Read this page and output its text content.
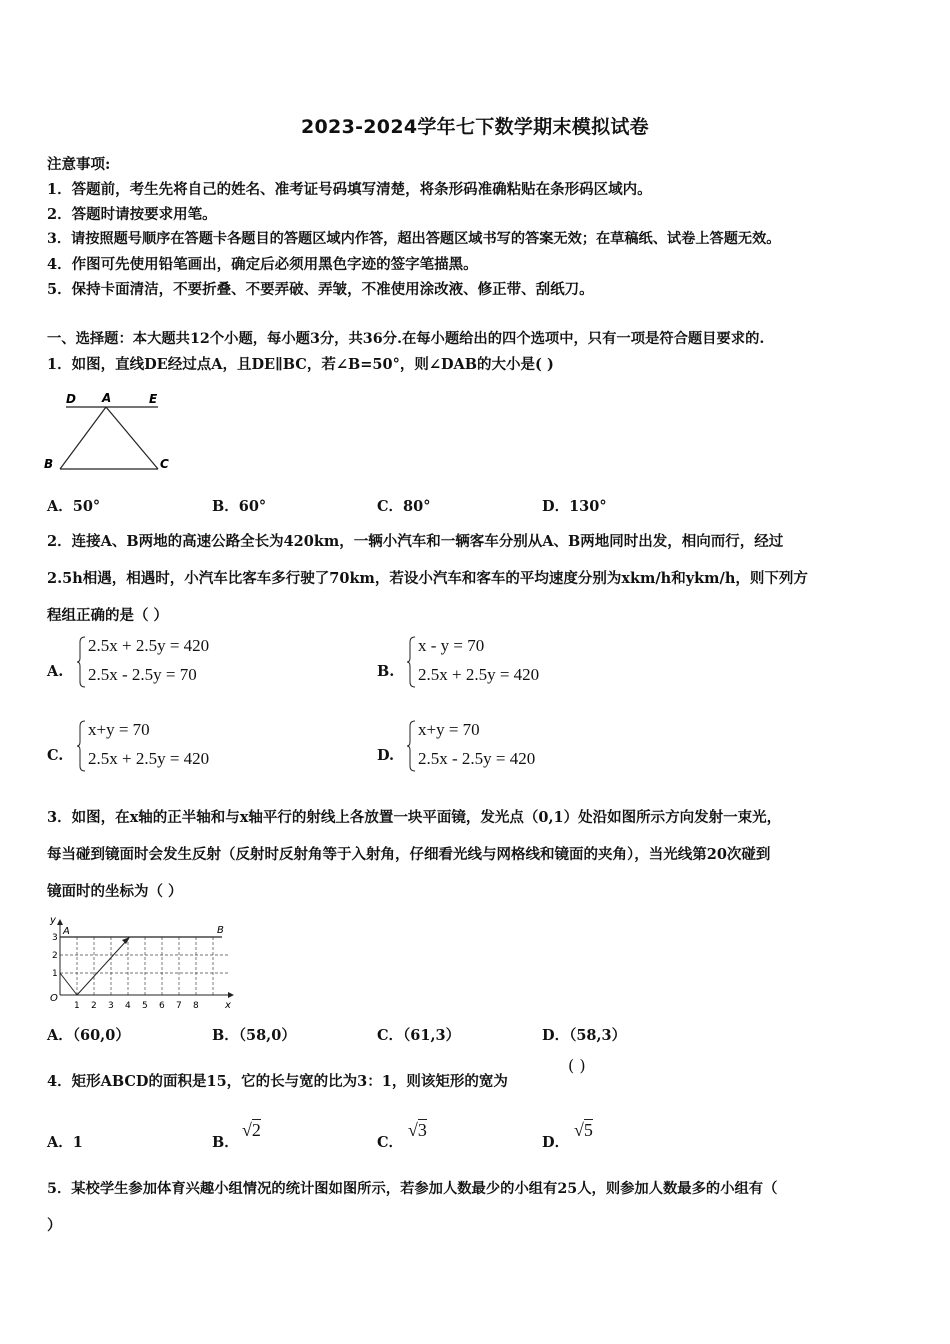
2023-2024学年七下数学期末模拟试卷
注意事项:
1．答题前，考生先将自己的姓名、准考证号码填写清楚，将条形码准确粘贴在条形码区域内。
2．答题时请按要求用笔。
3．请按照题号顺序在答题卡各题目的答题区域内作答，超出答题区域书写的答案无效；在草稿纸、试卷上答题无效。
4．作图可先使用铅笔画出，确定后必须用黑色字迹的签字笔描黑。
5．保持卡面清洁，不要折叠、不要弄破、弄皱，不准使用涂改液、修正带、刮纸刀。
一、选择题：本大题共12个小题，每小题3分，共36分.在每小题给出的四个选项中，只有一项是符合题目要求的.
1．如图，直线DE经过点A，且DE∥BC，若∠B=50°，则∠DAB的大小是( )
D A	E
B	C
A．50°	B．60°	C．80°	D．130°
2．连接A、B两地的高速公路全长为420km，一辆小汽车和一辆客车分别从A、B两地同时出发，相向而行，经过
2.5h相遇，相遇时，小汽车比客车多行驶了70km，若设小汽车和客车的平均速度分别为xkm/h和ykm/h，则下列方
程组正确的是（ ）
A.
2.5x + 2.5y = 420
2.5x - 2.5y = 70	B.
x - y = 70
2.5x + 2.5y = 420
C.
x+y = 70
2.5x + 2.5y = 420	D.
x+y = 70
2.5x - 2.5y = 420
3．如图，在x轴的正半轴和与x轴平行的射线上各放置一块平面镜，发光点（0,1）处沿如图所示方向发射一束光，
每当碰到镜面时会发生反射（反射时反射角等于入射角，仔细看光线与网格线和镜面的夹角），当光线第20次碰到
镜面时的坐标为（ ）
y
x
O
A	B
1
2
3
1 2 3 4 5 6 7 8
A．（60,0）	B．（58,0）	C．（61,3）	D．（58,3）
4．矩形ABCD的面积是15，它的长与宽的比为3：1，则该矩形的宽为
( )
A．1	B．
√2
C．
√3
D．
√5
5．某校学生参加体育兴趣小组情况的统计图如图所示，若参加人数最少的小组有25人，则参加人数最多的小组有（
）
